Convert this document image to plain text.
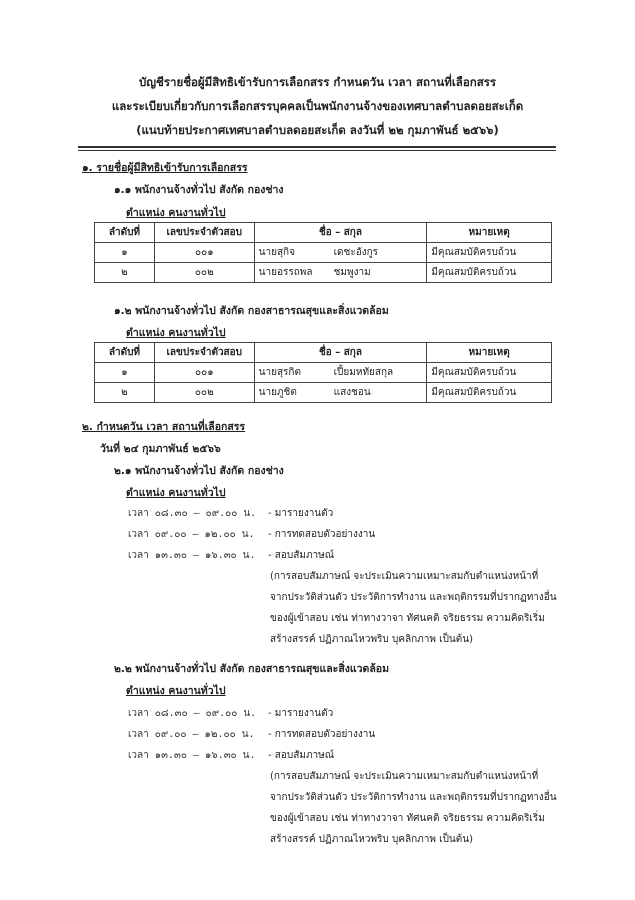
บัญชีรายชื่อผู้มีสิทธิเข้ารับการเลือกสรร กำหนดวัน เวลา สถานที่เลือกสรร
และระเบียบเกี่ยวกับการเลือกสรรบุคคลเป็นพนักงานจ้างของเทศบาลตำบลดอยสะเก็ด
(แนบท้ายประกาศเทศบาลตำบลดอยสะเก็ด ลงวันที่ ๒๒ กุมภาพันธ์ ๒๕๖๖)
๑. รายชื่อผู้มีสิทธิเข้ารับการเลือกสรร
๑.๑ พนักงานจ้างทั่วไป สังกัด กองช่าง
ตำแหน่ง คนงานทั่วไป
ลำดับที่	เลขประจำตัวสอบ	ชื่อ – สกุล	หมายเหตุ
๑	๐๐๑	นายสุกิจ เดชะอังกูร	มีคุณสมบัติครบถ้วน
๒	๐๐๒	นายอรรถพล ชมพูงาม	มีคุณสมบัติครบถ้วน
๑.๒ พนักงานจ้างทั่วไป สังกัด กองสาธารณสุขและสิ่งแวดล้อม
ตำแหน่ง คนงานทั่วไป
ลำดับที่	เลขประจำตัวสอบ	ชื่อ – สกุล	หมายเหตุ
๑	๐๐๑	นายสุรกิต เปี้ยมหทัยสกุล	มีคุณสมบัติครบถ้วน
๒	๐๐๒	นายภูชิต แสงชอน	มีคุณสมบัติครบถ้วน
๒. กำหนดวัน เวลา สถานที่เลือกสรร
วันที่ ๒๔ กุมภาพันธ์ ๒๕๖๖
๒.๑ พนักงานจ้างทั่วไป สังกัด กองช่าง
ตำแหน่ง คนงานทั่วไป
เวลา ๐๘.๓๐ – ๐๙.๐๐ น. - มารายงานตัว
เวลา ๐๙.๐๐ – ๑๒.๐๐ น. - การทดสอบตัวอย่างงาน
เวลา ๑๓.๓๐ – ๑๖.๓๐ น. - สอบสัมภาษณ์
(การสอบสัมภาษณ์ จะประเมินความเหมาะสมกับตำแหน่งหน้าที่
จากประวัติส่วนตัว ประวัติการทำงาน และพฤติกรรมที่ปรากฏทางอื่น
ของผู้เข้าสอบ เช่น ท่าทางวาจา ทัศนคติ จริยธรรม ความคิดริเริ่ม
สร้างสรรค์ ปฏิภาณไหวพริบ บุคลิกภาพ เป็นต้น)
๒.๒ พนักงานจ้างทั่วไป สังกัด กองสาธารณสุขและสิ่งแวดล้อม
ตำแหน่ง คนงานทั่วไป
เวลา ๐๘.๓๐ – ๐๙.๐๐ น. - มารายงานตัว
เวลา ๐๙.๐๐ – ๑๒.๐๐ น. - การทดสอบตัวอย่างงาน
เวลา ๑๓.๓๐ – ๑๖.๓๐ น. - สอบสัมภาษณ์
(การสอบสัมภาษณ์ จะประเมินความเหมาะสมกับตำแหน่งหน้าที่
จากประวัติส่วนตัว ประวัติการทำงาน และพฤติกรรมที่ปรากฏทางอื่น
ของผู้เข้าสอบ เช่น ท่าทางวาจา ทัศนคติ จริยธรรม ความคิดริเริ่ม
สร้างสรรค์ ปฏิภาณไหวพริบ บุคลิกภาพ เป็นต้น)
